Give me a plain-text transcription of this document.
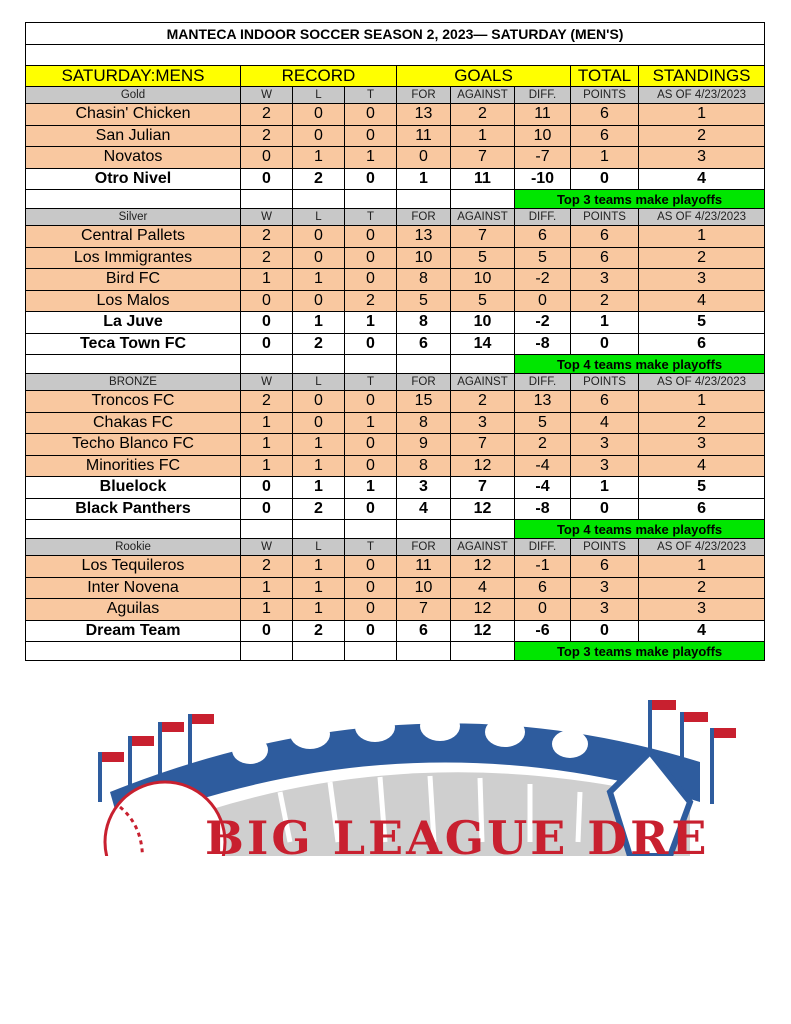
MANTECA INDOOR SOCCER SEASON 2, 2023— SATURDAY (MEN'S)								

SATURDAY:MENS	RECORD			GOALS			TOTAL	STANDINGS
Gold	W	L	T	FOR	AGAINST	DIFF.	POINTS	AS OF 4/23/2023
Chasin' Chicken	2	0	0	13	2	11	6	1
San Julian	2	0	0	11	1	10	6	2
Novatos	0	1	1	0	7	-7	1	3
Otro Nivel	0	2	0	1	11	-10	0	4
						Top 3 teams make playoffs		
Silver	W	L	T	FOR	AGAINST	DIFF.	POINTS	AS OF 4/23/2023
Central Pallets	2	0	0	13	7	6	6	1
Los Immigrantes	2	0	0	10	5	5	6	2
Bird FC	1	1	0	8	10	-2	3	3
Los Malos	0	0	2	5	5	0	2	4
La Juve	0	1	1	8	10	-2	1	5
Teca Town FC	0	2	0	6	14	-8	0	6
						Top 4 teams make playoffs		
BRONZE	W	L	T	FOR	AGAINST	DIFF.	POINTS	AS OF 4/23/2023
Troncos FC	2	0	0	15	2	13	6	1
Chakas FC	1	0	1	8	3	5	4	2
Techo Blanco FC	1	1	0	9	7	2	3	3
Minorities FC	1	1	0	8	12	-4	3	4
Bluelock	0	1	1	3	7	-4	1	5
Black Panthers	0	2	0	4	12	-8	0	6
						Top 4 teams make playoffs		
Rookie	W	L	T	FOR	AGAINST	DIFF.	POINTS	AS OF 4/23/2023
Los Tequileros	2	1	0	11	12	-1	6	1
Inter Novena	1	1	0	10	4	6	3	2
Aguilas	1	1	0	7	12	0	3	3
Dream Team	0	2	0	6	12	-6	0	4
						Top 3 teams make playoffs		
BIG LEAGUE DRE
